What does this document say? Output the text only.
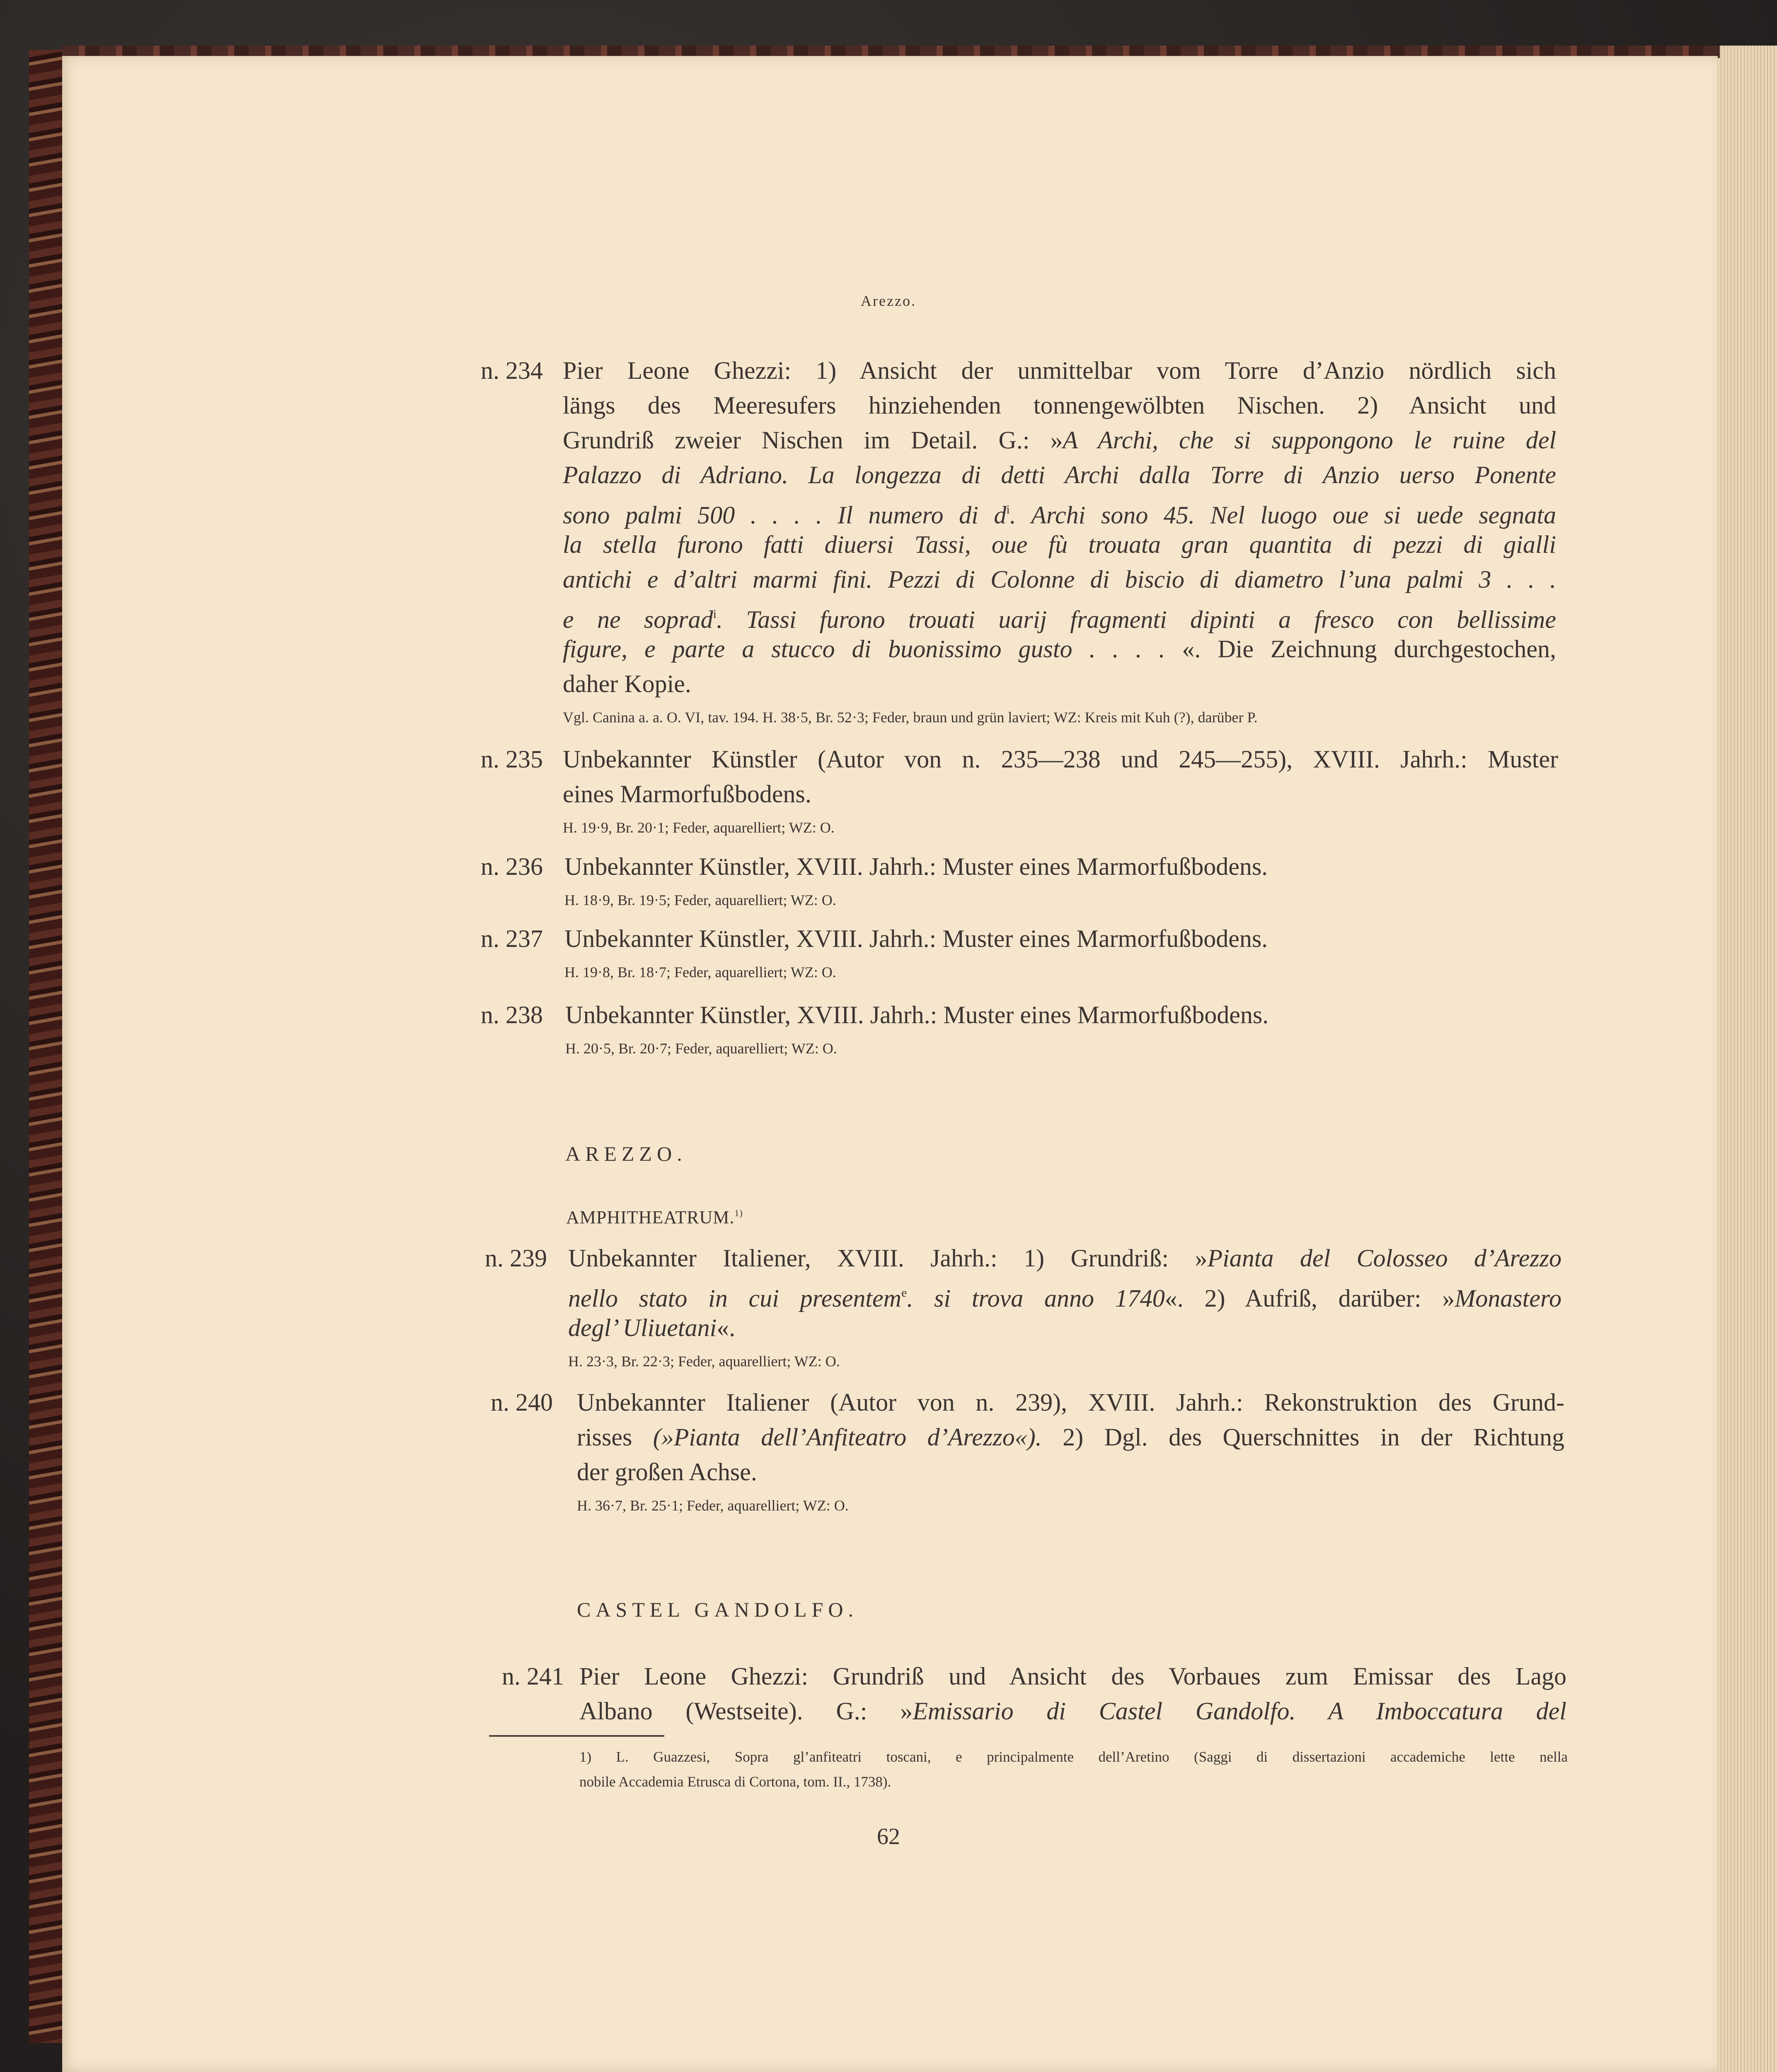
Arezzo.
n. 234 Pier Leone Ghezzi: 1) Ansicht der unmittelbar vom Torre d’Anzio nördlich sich
längs des Meeresufers hinziehenden tonnengewölbten Nischen. 2) Ansicht und
Grundriß zweier Nischen im Detail. G.: »A Archi, che si suppongono le ruine del
Palazzo di Adriano. La longezza di detti Archi dalla Torre di Anzio uerso Ponente
sono palmi 500 . . . . Il numero di $d^i$. Archi sono 45. Nel luogo oue si uede segnata
la stella furono fatti diuersi Tassi, oue fù trouata gran quantita di pezzi di gialli
antichi e d’altri marmi fini. Pezzi di Colonne di biscio di diametro l’una palmi 3 . . .
e ne soprad$^i$. Tassi furono trouati uarij fragmenti dipinti a fresco con bellissime
figure, e parte a stucco di buonissimo gusto . . . . «. Die Zeichnung durchgestochen,
daher Kopie.
Vgl. Canina a. a. O. VI, tav. 194. H. 38·5, Br. 52·3; Feder, braun und grün laviert; WZ: Kreis mit Kuh (?), darüber P.
n. 235 Unbekannter Künstler (Autor von n. 235—238 und 245—255), XVIII. Jahrh.: Muster
eines Marmorfußbodens.
H. 19·9, Br. 20·1; Feder, aquarelliert; WZ: O.
n. 236 Unbekannter Künstler, XVIII. Jahrh.: Muster eines Marmorfußbodens.
H. 18·9, Br. 19·5; Feder, aquarelliert; WZ: O.
n. 237 Unbekannter Künstler, XVIII. Jahrh.: Muster eines Marmorfußbodens.
H. 19·8, Br. 18·7; Feder, aquarelliert; WZ: O.
n. 238 Unbekannter Künstler, XVIII. Jahrh.: Muster eines Marmorfußbodens.
H. 20·5, Br. 20·7; Feder, aquarelliert; WZ: O.
n. 239 Unbekannter Italiener, XVIII. Jahrh.: 1) Grundriß: »Pianta del Colosseo d’Arezzo
nello stato in cui presentem$^e$. si trova anno 1740«. 2) Aufriß, darüber: »Monastero
degl’ Uliuetani«.
H. 23·3, Br. 22·3; Feder, aquarelliert; WZ: O.
n. 240 Unbekannter Italiener (Autor von n. 239), XVIII. Jahrh.: Rekonstruktion des Grund-
risses (»Pianta dell’Anfiteatro d’Arezzo«). 2) Dgl. des Querschnittes in der Richtung
der großen Achse.
H. 36·7, Br. 25·1; Feder, aquarelliert; WZ: O.
n. 241 Pier Leone Ghezzi: Grundriß und Ansicht des Vorbaues zum Emissar des Lago
Albano (Westseite). G.: »Emissario di Castel Gandolfo. A Imboccatura del
AREZZO.
AMPHITHEATRUM.$^{1)}$
CASTEL GANDOLFO.
1) L. Guazzesi, Sopra gl’anfiteatri toscani, e principalmente dell’Aretino (Saggi di dissertazioni accademiche lette nella
nobile Accademia Etrusca di Cortona, tom. II., 1738).
62
